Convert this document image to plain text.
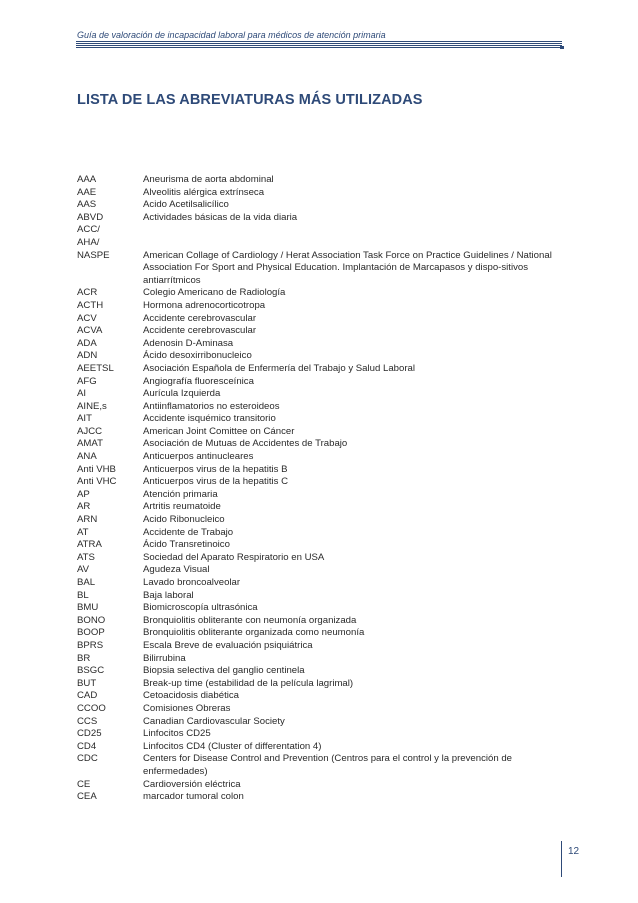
Guía de valoración de incapacidad laboral para médicos de atención primaria
LISTA DE LAS ABREVIATURAS MÁS UTILIZADAS
AAA	Aneurisma de aorta abdominal
AAE	Alveolitis alérgica extrínseca
AAS	Acido Acetilsalicílico
ABVD	Actividades básicas de la vida diaria
ACC/
AHA/
NASPE	American Collage of Cardiology / Herat Association Task Force on Practice Guidelines / National Association For Sport and Physical Education. Implantación de Marcapasos y dispo-sitivos antiarrítmicos
ACR	Colegio Americano de Radiología
ACTH	Hormona adrenocorticotropa
ACV	Accidente cerebrovascular
ACVA	Accidente cerebrovascular
ADA	Adenosin D-Aminasa
ADN	Ácido desoxirribonucleico
AEETSL	Asociación Española de Enfermería del Trabajo y Salud Laboral
AFG	Angiografía fluoresceínica
AI	Aurícula Izquierda
AINE,s	Antiinflamatorios no esteroideos
AIT	Accidente isquémico transitorio
AJCC	American Joint Comittee on Cáncer
AMAT	Asociación de Mutuas de Accidentes de Trabajo
ANA	Anticuerpos antinucleares
Anti VHB	Anticuerpos virus de la hepatitis B
Anti VHC	Anticuerpos virus de la hepatitis C
AP	Atención primaria
AR	Artritis reumatoide
ARN	Acido Ribonucleico
AT	Accidente de Trabajo
ATRA	Ácido Transretinoico
ATS	Sociedad del Aparato Respiratorio en USA
AV	Agudeza Visual
BAL	Lavado broncoalveolar
BL	Baja laboral
BMU	Biomicroscopía ultrasónica
BONO	Bronquiolitis obliterante con neumonía organizada
BOOP	Bronquiolitis obliterante organizada como neumonía
BPRS	Escala Breve de evaluación psiquiátrica
BR	Bilirrubina
BSGC	Biopsia selectiva del ganglio centinela
BUT	Break-up time (estabilidad de la película lagrimal)
CAD	Cetoacidosis diabética
CCOO	Comisiones Obreras
CCS	Canadian Cardiovascular Society
CD25	Linfocitos CD25
CD4	Linfocitos CD4 (Cluster of differentation 4)
CDC	Centers for Disease Control and Prevention (Centros para el control y la prevención de enfermedades)
CE	Cardioversión eléctrica
CEA	marcador tumoral colon
12
